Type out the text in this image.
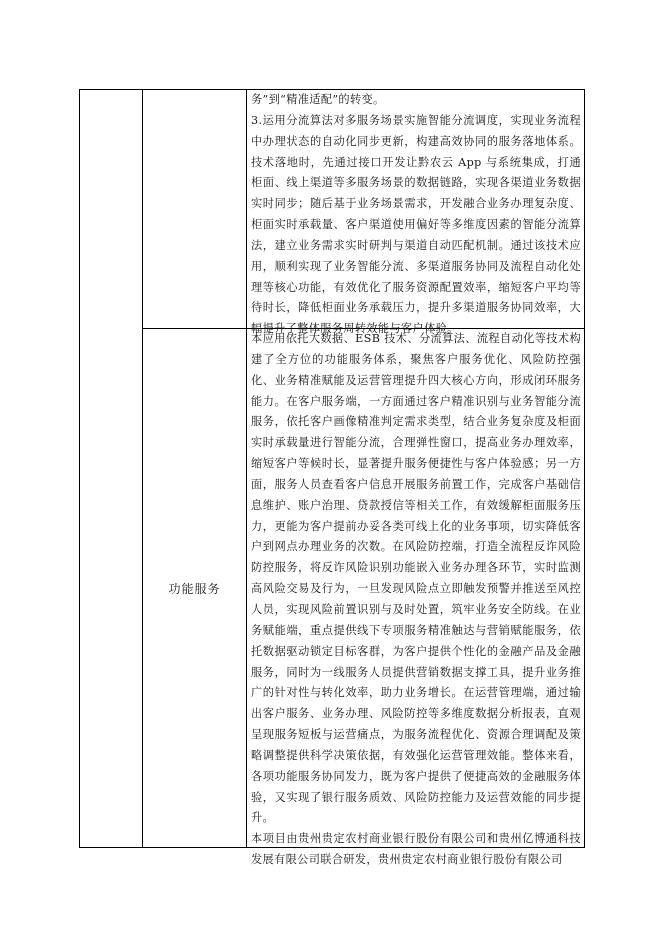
务”到“精准适配”的转变。

3.运用分流算法对多服务场景实施智能分流调度，实现业务流程中办理状态的自动化同步更新，构建高效协同的服务落地体系。技术落地时，先通过接口开发让黔农云 App 与系统集成，打通柜面、线上渠道等多服务场景的数据链路，实现各渠道业务数据实时同步；随后基于业务场景需求，开发融合业务办理复杂度、柜面实时承载量、客户渠道使用偏好等多维度因素的智能分流算法，建立业务需求实时研判与渠道自动匹配机制。通过该技术应用，顺利实现了业务智能分流、多渠道服务协同及流程自动化处理等核心功能，有效优化了服务资源配置效率，缩短客户平均等待时长，降低柜面业务承载压力，提升多渠道服务协同效率，大幅提升了整体服务周转效能与客户体验。

功能服务

本应用依托大数据、ESB 技术、分流算法、流程自动化等技术构建了全方位的功能服务体系，聚焦客户服务优化、风险防控强化、业务精准赋能及运营管理提升四大核心方向，形成闭环服务能力。在客户服务端，一方面通过客户精准识别与业务智能分流服务，依托客户画像精准判定需求类型，结合业务复杂度及柜面实时承载量进行智能分流，合理弹性窗口，提高业务办理效率，缩短客户等候时长，显著提升服务便捷性与客户体验感；另一方面，服务人员查看客户信息开展服务前置工作，完成客户基础信息维护、账户治理、贷款授信等相关工作，有效缓解柜面服务压力，更能为客户提前办妥各类可线上化的业务事项，切实降低客户到网点办理业务的次数。在风险防控端，打造全流程反诈风险防控服务，将反诈风险识别功能嵌入业务办理各环节，实时监测高风险交易及行为，一旦发现风险点立即触发预警并推送至风控人员，实现风险前置识别与及时处置，筑牢业务安全防线。在业务赋能端，重点提供线下专项服务精准触达与营销赋能服务，依托数据驱动锁定目标客群，为客户提供个性化的金融产品及金融服务，同时为一线服务人员提供营销数据支撑工具，提升业务推广的针对性与转化效率，助力业务增长。在运营管理端，通过输出客户服务、业务办理、风险防控等多维度数据分析报表，直观呈现服务短板与运营痛点，为服务流程优化、资源合理调配及策略调整提供科学决策依据，有效强化运营管理效能。整体来看，各项功能服务协同发力，既为客户提供了便捷高效的金融服务体验，又实现了银行服务质效、风险防控能力及运营效能的同步提升。

本项目由贵州贵定农村商业银行股份有限公司和贵州亿博通科技发展有限公司联合研发，贵州贵定农村商业银行股份有限公司
